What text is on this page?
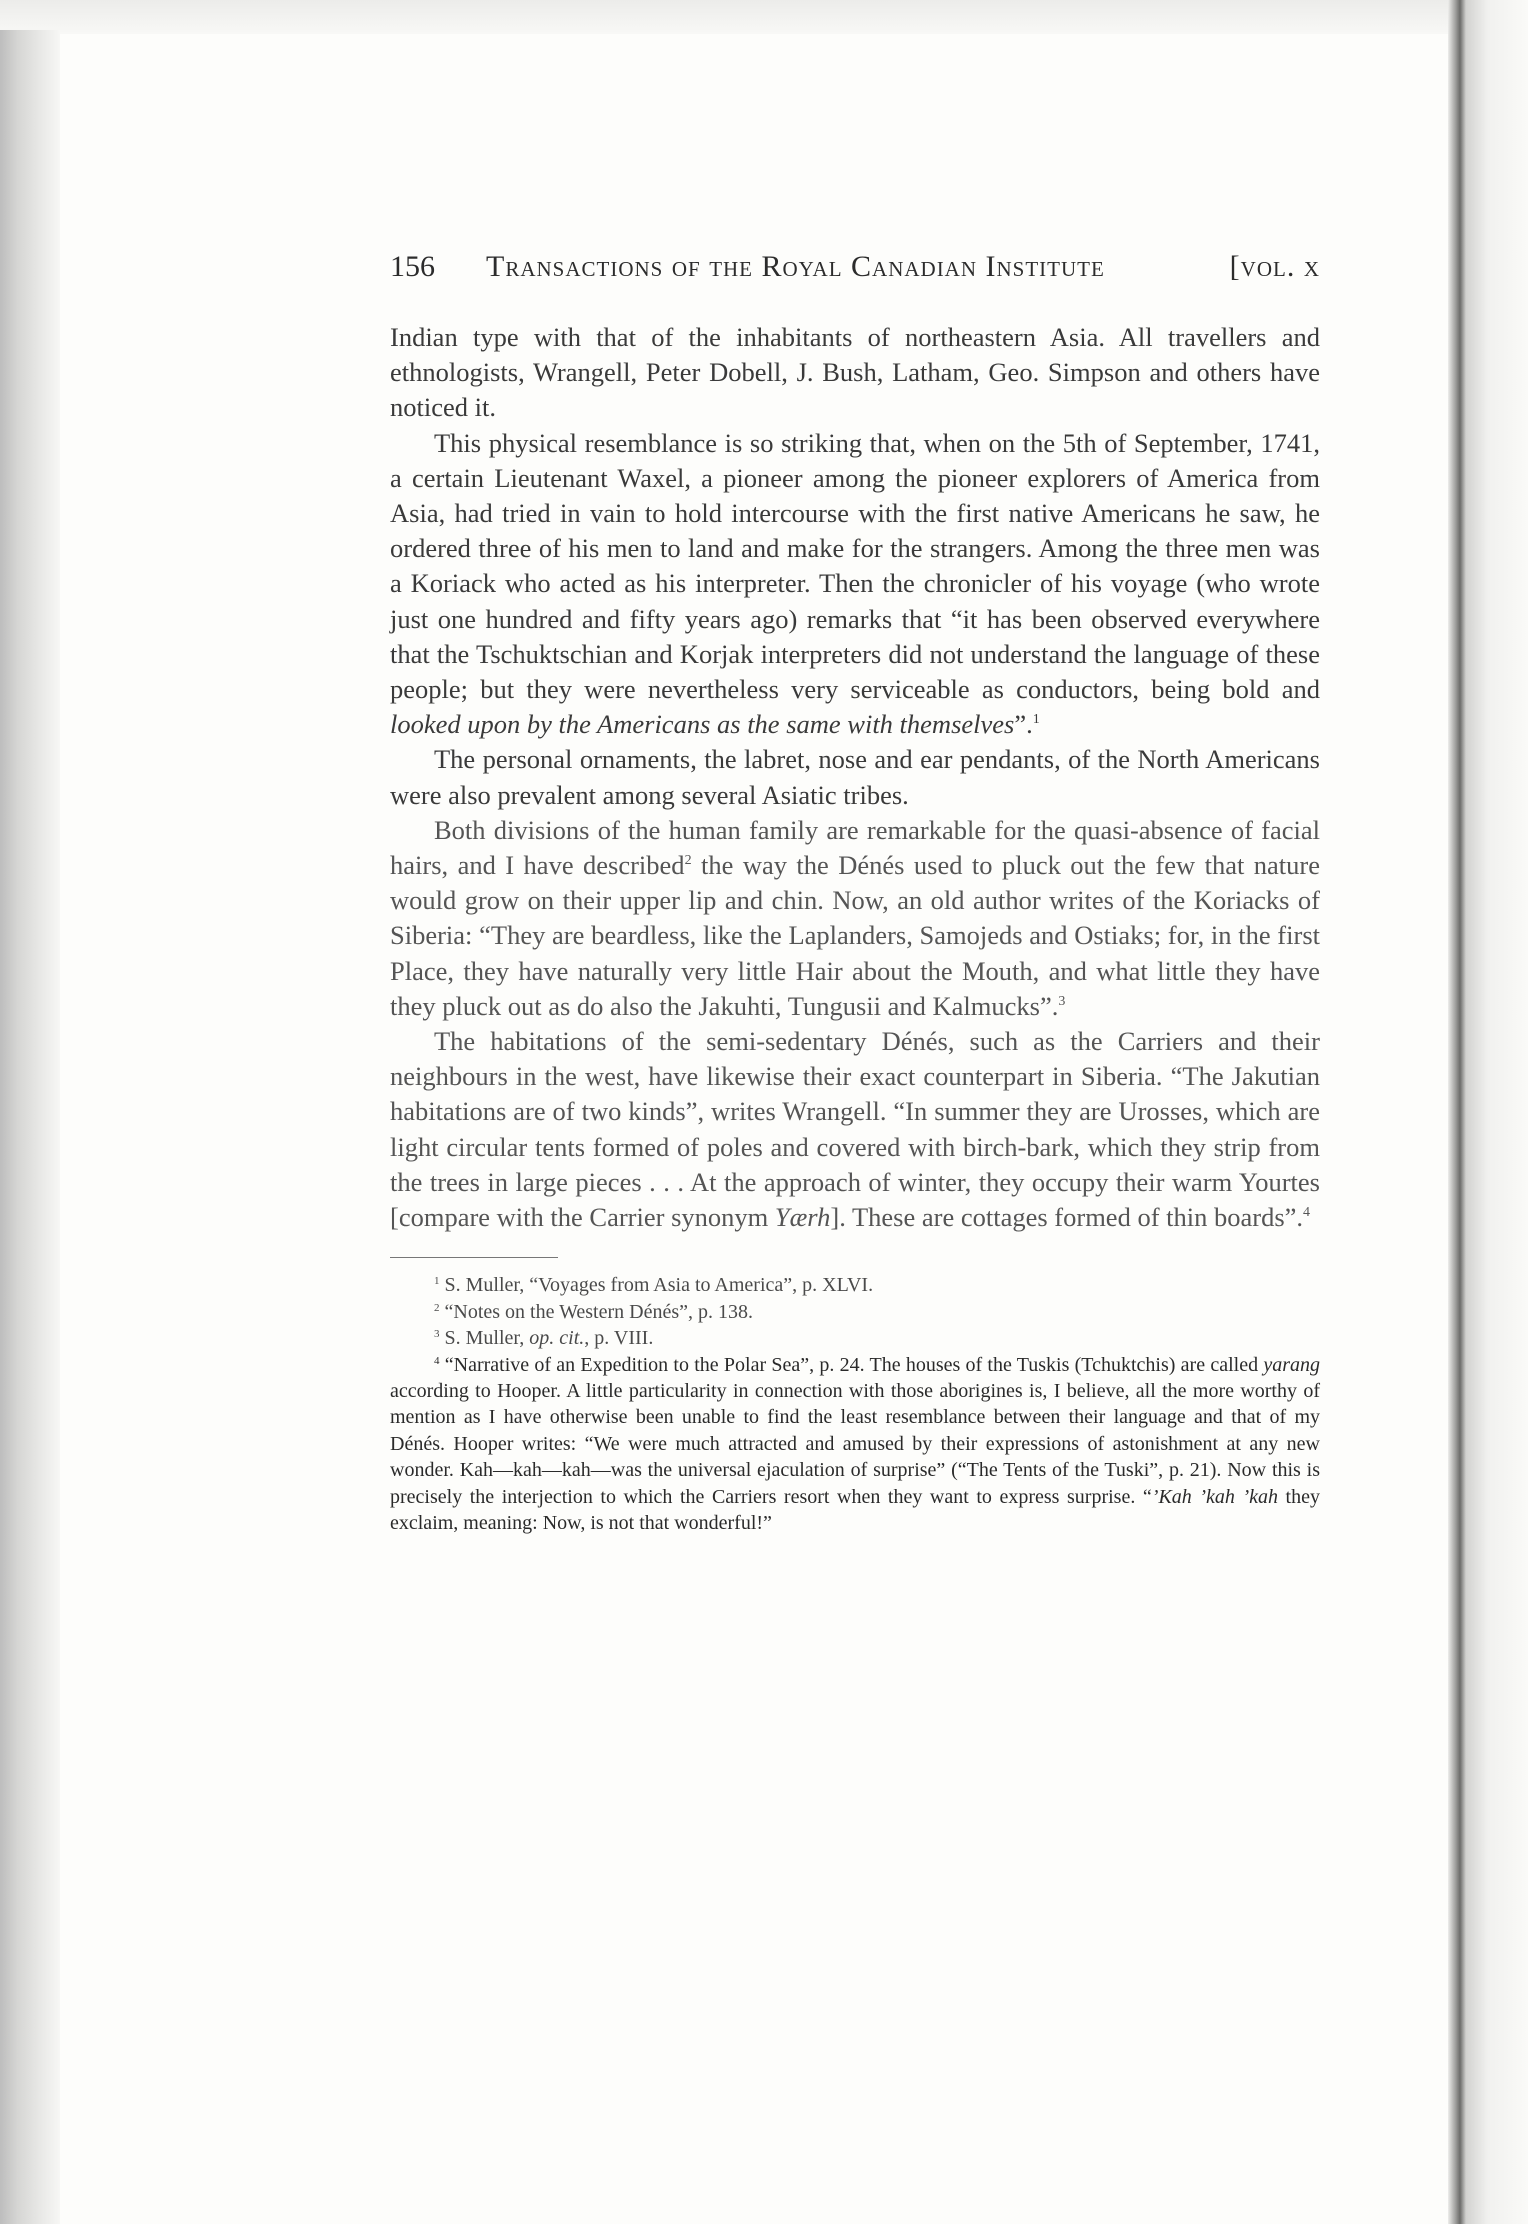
156	Transactions of the Royal Canadian Institute	[vol. x

Indian type with that of the inhabitants of northeastern Asia. All travellers and ethnologists, Wrangell, Peter Dobell, J. Bush, Latham, Geo. Simpson and others have noticed it.

This physical resemblance is so striking that, when on the 5th of September, 1741, a certain Lieutenant Waxel, a pioneer among the pioneer explorers of America from Asia, had tried in vain to hold intercourse with the first native Americans he saw, he ordered three of his men to land and make for the strangers. Among the three men was a Koriack who acted as his interpreter. Then the chronicler of his voyage (who wrote just one hundred and fifty years ago) remarks that “it has been observed everywhere that the Tschuktschian and Korjak interpreters did not understand the language of these people; but they were nevertheless very serviceable as conductors, being bold and looked upon by the Americans as the same with themselves”.$^1$

The personal ornaments, the labret, nose and ear pendants, of the North Americans were also prevalent among several Asiatic tribes.

Both divisions of the human family are remarkable for the quasi-absence of facial hairs, and I have described$^2$ the way the Dénés used to pluck out the few that nature would grow on their upper lip and chin. Now, an old author writes of the Koriacks of Siberia: “They are beardless, like the Laplanders, Samojeds and Ostiaks; for, in the first Place, they have naturally very little Hair about the Mouth, and what little they have they pluck out as do also the Jakuhti, Tungusii and Kalmucks”.$^3$

The habitations of the semi-sedentary Dénés, such as the Carriers and their neighbours in the west, have likewise their exact counterpart in Siberia. “The Jakutian habitations are of two kinds”, writes Wrangell. “In summer they are Urosses, which are light circular tents formed of poles and covered with birch-bark, which they strip from the trees in large pieces . . . At the approach of winter, they occupy their warm Yourtes [compare with the Carrier synonym Yærh]. These are cottages formed of thin boards”.$^4$

$^1$ S. Muller, “Voyages from Asia to America”, p. XLVI.

$^2$ “Notes on the Western Dénés”, p. 138.

$^3$ S. Muller, op. cit., p. VIII.

$^4$ “Narrative of an Expedition to the Polar Sea”, p. 24. The houses of the Tuskis (Tchuktchis) are called yarang according to Hooper. A little particularity in connection with those aborigines is, I believe, all the more worthy of mention as I have otherwise been unable to find the least resemblance between their language and that of my Dénés. Hooper writes: “We were much attracted and amused by their expressions of astonishment at any new wonder. Kah—kah—kah—was the universal ejaculation of surprise” (“The Tents of the Tuski”, p. 21). Now this is precisely the interjection to which the Carriers resort when they want to express surprise. “’Kah ’kah ’kah they exclaim, meaning: Now, is not that wonderful!”
